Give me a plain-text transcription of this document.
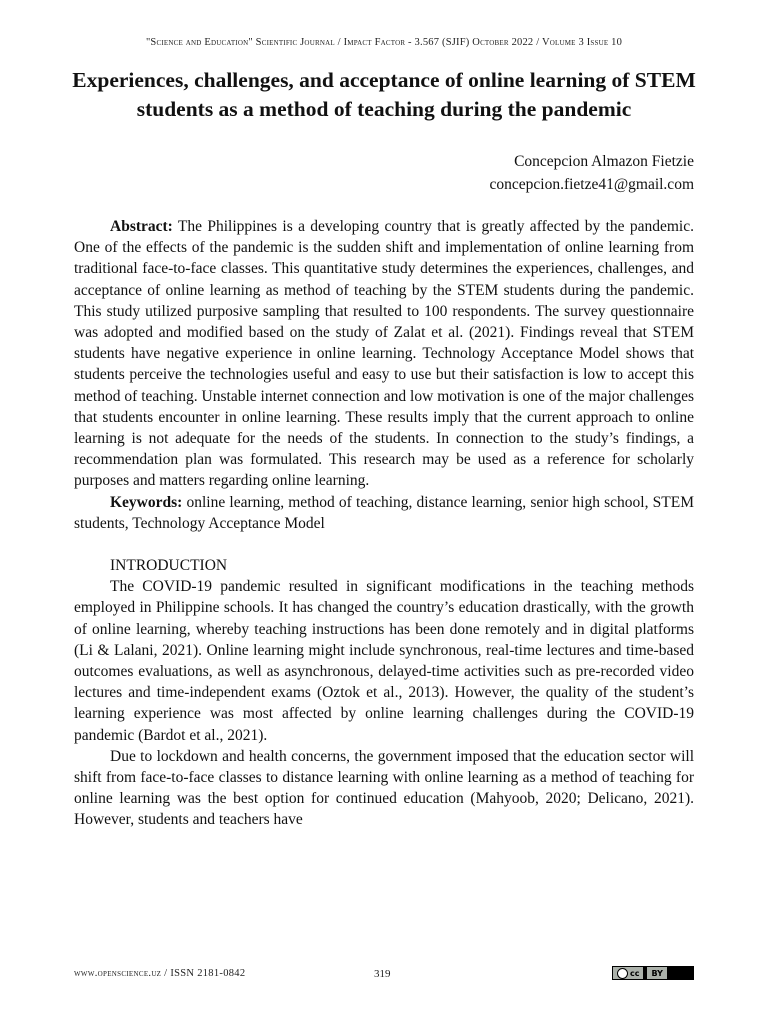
"Science and Education" Scientific Journal / Impact Factor - 3.567 (SJIF) October 2022 / Volume 3 Issue 10
Experiences, challenges, and acceptance of online learning of STEM students as a method of teaching during the pandemic
Concepcion Almazon Fietzie
concepcion.fietze41@gmail.com

Abstract: The Philippines is a developing country that is greatly affected by the pandemic. One of the effects of the pandemic is the sudden shift and implementation of online learning from traditional face-to-face classes. This quantitative study determines the experiences, challenges, and acceptance of online learning as method of teaching by the STEM students during the pandemic. This study utilized purposive sampling that resulted to 100 respondents. The survey questionnaire was adopted and modified based on the study of Zalat et al. (2021). Findings reveal that STEM students have negative experience in online learning. Technology Acceptance Model shows that students perceive the technologies useful and easy to use but their satisfaction is low to accept this method of teaching. Unstable internet connection and low motivation is one of the major challenges that students encounter in online learning. These results imply that the current approach to online learning is not adequate for the needs of the students. In connection to the study’s findings, a recommendation plan was formulated. This research may be used as a reference for scholarly purposes and matters regarding online learning.

Keywords: online learning, method of teaching, distance learning, senior high school, STEM students, Technology Acceptance Model

INTRODUCTION

The COVID-19 pandemic resulted in significant modifications in the teaching methods employed in Philippine schools. It has changed the country’s education drastically, with the growth of online learning, whereby teaching instructions has been done remotely and in digital platforms (Li & Lalani, 2021). Online learning might include synchronous, real-time lectures and time-based outcomes evaluations, as well as asynchronous, delayed-time activities such as pre-recorded video lectures and time-independent exams (Oztok et al., 2013). However, the quality of the student’s learning experience was most affected by online learning challenges during the COVID-19 pandemic (Bardot et al., 2021).

Due to lockdown and health concerns, the government imposed that the education sector will shift from face-to-face classes to distance learning with online learning as a method of teaching for online learning was the best option for continued education (Mahyoob, 2020; Delicano, 2021). However, students and teachers have

www.openscience.uz / ISSN 2181-0842	319	cc	BY
